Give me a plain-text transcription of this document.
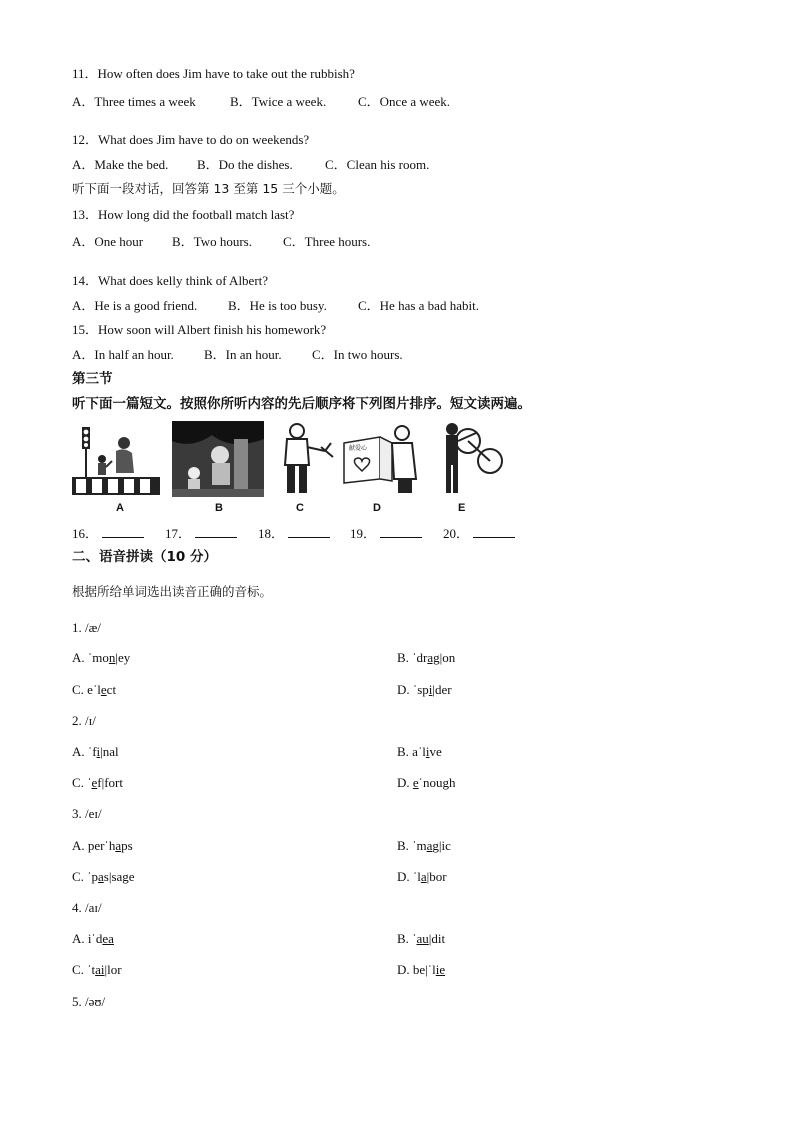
11．How often does Jim have to take out the rubbish?
A．Three times a week	B．Twice a week. C．Once a week.
12．What does Jim have to do on weekends?
A．Make the bed. B．Do the dishes. C．Clean his room.
听下面一段对话，回答第 13 至第 15 三个小题。
13．How long did the football match last?
A．One hour B．Two hours. C．Three hours.
14．What does kelly think of Albert?
A．He is a good friend. B．He is too busy. C．He has a bad habit.
15．How soon will Albert finish his homework?
A．In half an hour. B．In an hour. C．In two hours.
第三节
听下面一篇短文。按照你所听内容的先后顺序将下列图片排序。短文读两遍。
献爱心
A	B	C	D	E
16．	17．	18．	19．	20．
二、语音拼读（10 分）
根据所给单词选出读音正确的音标。
1. /æ/
A. ˈmon|ey	B. ˈdrag|on
C. eˈlect	D. ˈspi|der
2. /ɪ/
A. ˈfi|nal	B. aˈlive
C. ˈef|fort	D. eˈnough
3. /eɪ/
A. perˈhaps	B. ˈmag|ic
C. ˈpas|sage	D. ˈla|bor
4. /aɪ/
A. iˈdea	B. ˈau|dit
C. ˈtai|lor	D. be|ˈlie
5. /əʊ/
